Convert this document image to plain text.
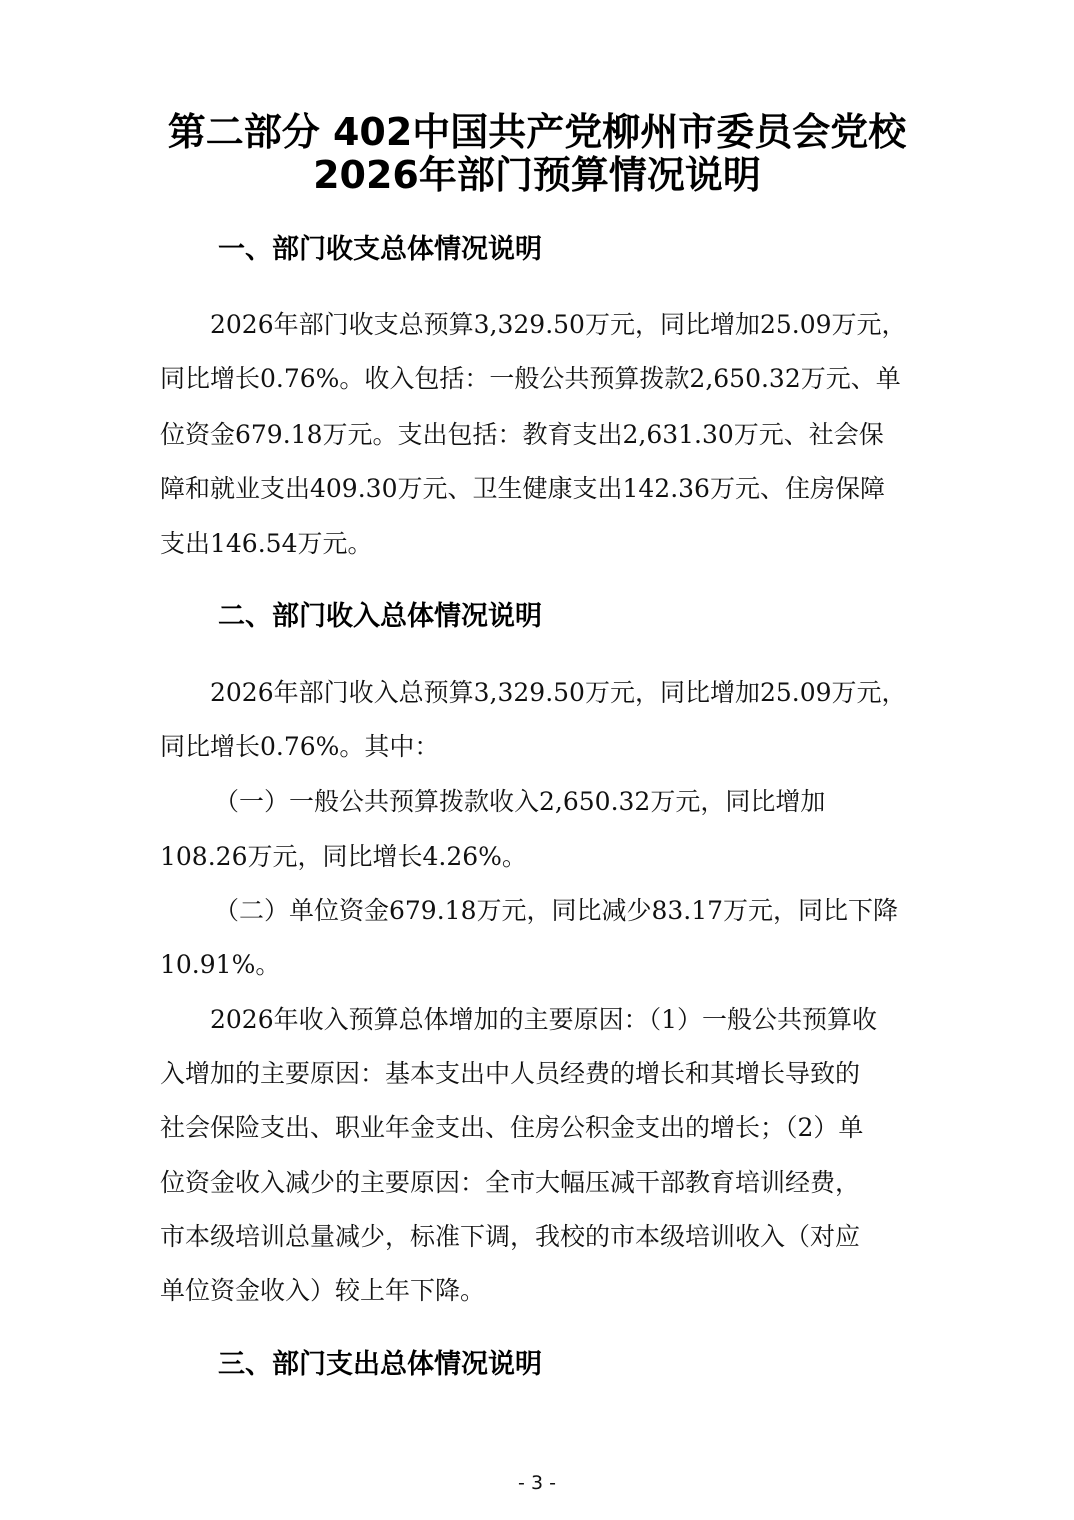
第二部分 402中国共产党柳州市委员会党校
2026年部门预算情况说明
一、部门收支总体情况说明
2026年部门收支总预算3,329.50万元，同比增加25.09万元，
同比增长0.76%。收入包括：一般公共预算拨款2,650.32万元、单
位资金679.18万元。支出包括：教育支出2,631.30万元、社会保
障和就业支出409.30万元、卫生健康支出142.36万元、住房保障
支出146.54万元。
二、部门收入总体情况说明
2026年部门收入总预算3,329.50万元，同比增加25.09万元，
同比增长0.76%。其中：
（一）一般公共预算拨款收入2,650.32万元，同比增加
108.26万元，同比增长4.26%。
（二）单位资金679.18万元，同比减少83.17万元，同比下降
10.91%。
2026年收入预算总体增加的主要原因：（1）一般公共预算收
入增加的主要原因：基本支出中人员经费的增长和其增长导致的
社会保险支出、职业年金支出、住房公积金支出的增长；（2）单
位资金收入减少的主要原因：全市大幅压减干部教育培训经费，
市本级培训总量减少，标准下调，我校的市本级培训收入（对应
单位资金收入）较上年下降。
三、部门支出总体情况说明
- 3 -
